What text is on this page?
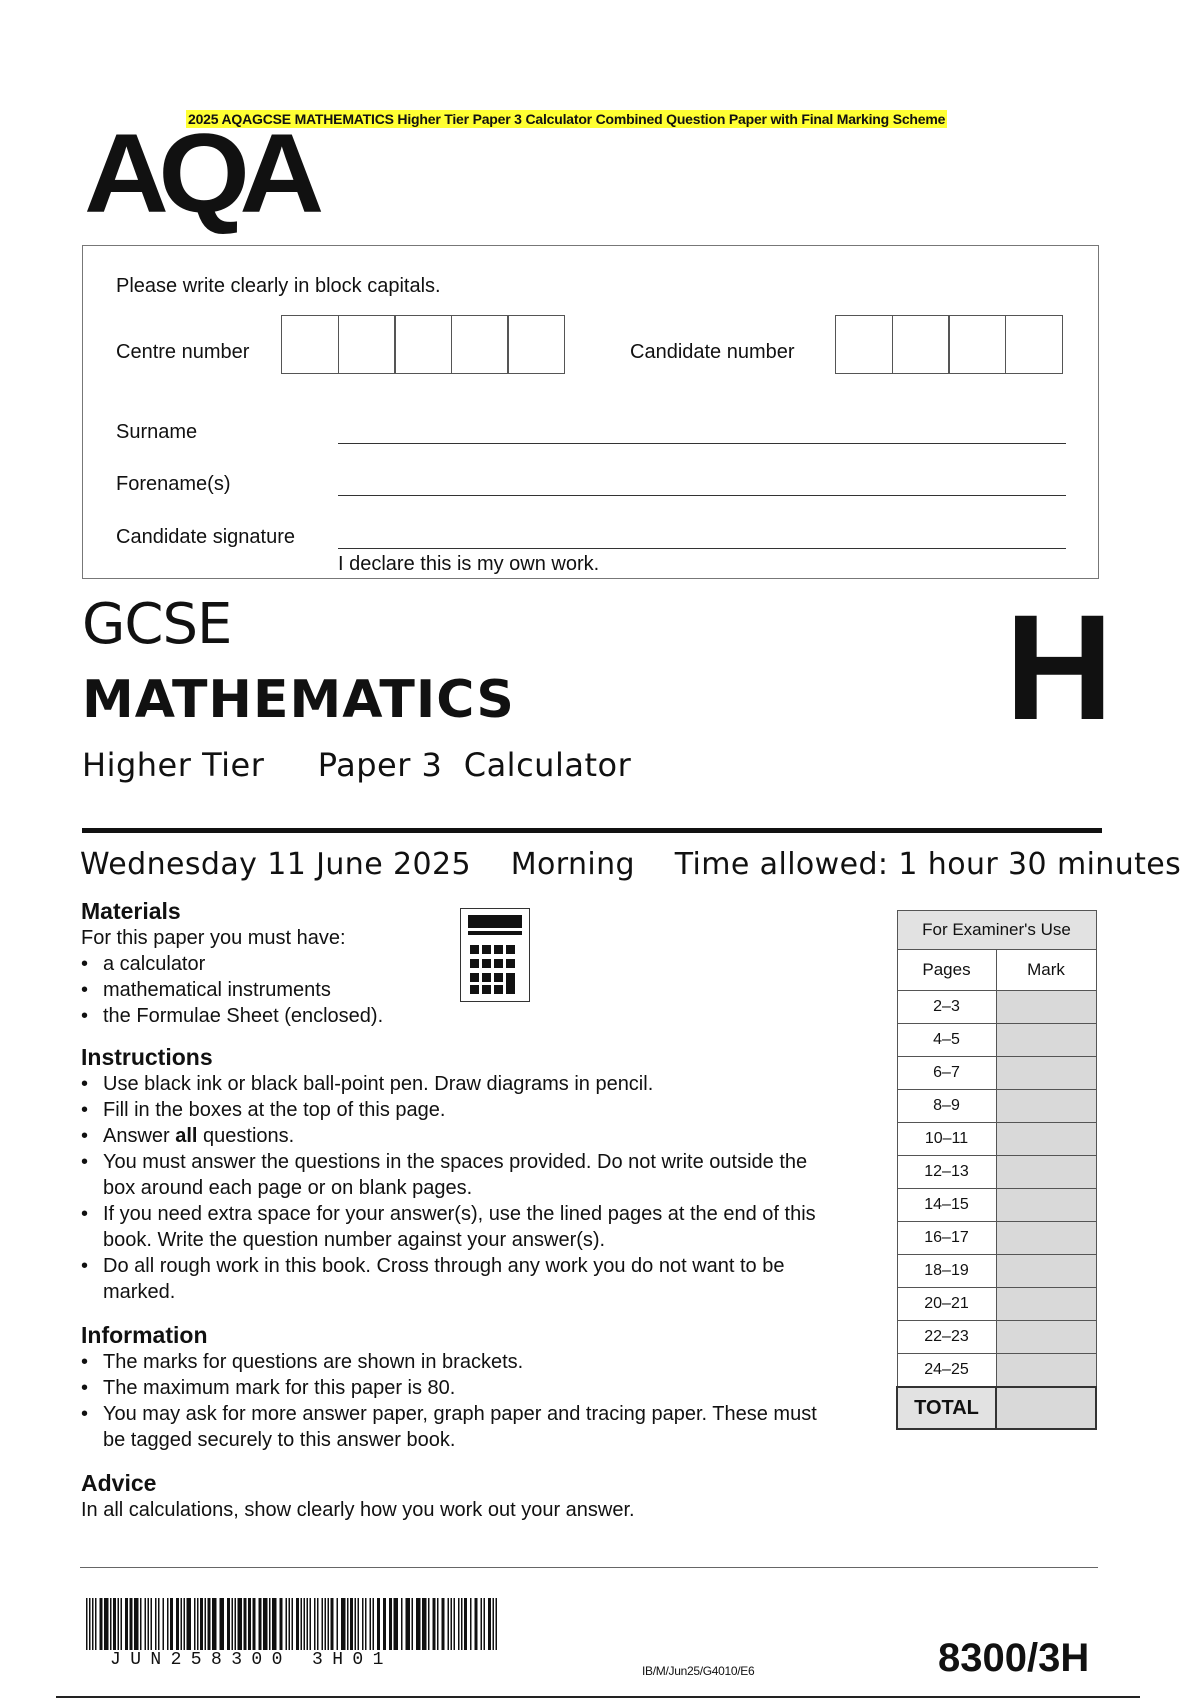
2025 AQAGCSE MATHEMATICS Higher Tier Paper 3 Calculator Combined Question Paper with Final Marking Scheme
AQA
Please write clearly in block capitals.
Centre number	Candidate number
Surname
Forename(s)
Candidate signature
I declare this is my own work.
GCSE
MATHEMATICS
Higher Tier Paper 3  Calculator
H
Wednesday 11 June 2025 Morning Time allowed: 1 hour 30 minutes
Materials
For this paper you must have:
• a calculator
• mathematical instruments
• the Formulae Sheet (enclosed).
Instructions
• Use black ink or black ball-point pen. Draw diagrams in pencil.
• Fill in the boxes at the top of this page.
• Answer all questions.
• You must answer the questions in the spaces provided. Do not write outside the box around each page or on blank pages.
• If you need extra space for your answer(s), use the lined pages at the end of this book. Write the question number against your answer(s).
• Do all rough work in this book. Cross through any work you do not want to be marked.
Information
• The marks for questions are shown in brackets.
• The maximum mark for this paper is 80.
• You may ask for more answer paper, graph paper and tracing paper. These must be tagged securely to this answer book.
Advice
In all calculations, show clearly how you work out your answer.
For Examiner's Use	
Pages	Mark
2–3	
4–5	
6–7	
8–9	
10–11	
12–13	
14–15	
16–17	
18–19	
20–21	
22–23	
24–25	
TOTAL	
JUN258300 3H01
IB/M/Jun25/G4010/E6	8300/3H
